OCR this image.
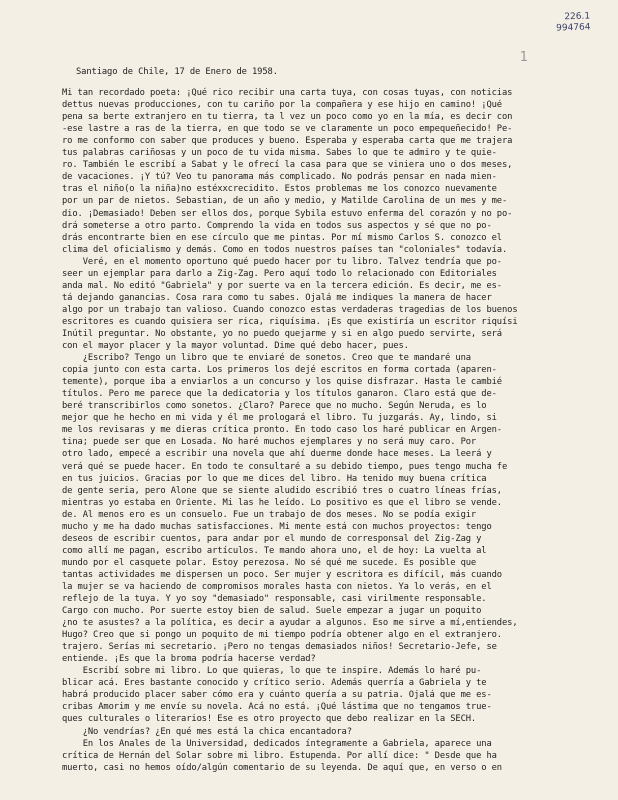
226.1
994764
1
Santiago de Chile, 17 de Enero de 1958.
Mi tan recordado poeta: ¡Qué rico recibir una carta tuya, con cosas tuyas, con noticias
dettus nuevas producciones, con tu cariño por la compañera y ese hijo en camino! ¡Qué
pena sa berte extranjero en tu tierra, ta l vez un poco como yo en la mía, es decir con
-ese lastre a ras de la tierra, en que todo se ve claramente un poco empequeñecido! Pe-
ro me conformo con saber que produces y bueno. Esperaba y esperaba carta que me trajera
tus palabras cariñosas y un poco de tu vida misma. Sabes lo que te admiro y te quie-
ro. También le escribí a Sabat y le ofrecí la casa para que se viniera uno o dos meses,
de vacaciones. ¡Y tú? Veo tu panorama más complicado. No podrás pensar en nada mien-
tras el niño(o la niña)no estéxxcrecidito. Estos problemas me los conozco nuevamente
por un par de nietos. Sebastian, de un año y medio, y Matilde Carolina de un mes y me-
dio. ¡Demasiado! Deben ser ellos dos, porque Sybila estuvo enferma del corazón y no po-
drá someterse a otro parto. Comprendo la vida en todos sus aspectos y sé que no po-
drás encontrarte bien en ese círculo que me pintas. Por mí mismo Carlos S. conozco el
clima del oficialismo y demás. Como en todos nuestros países tan "coloniales" todavía.
Veré, en el momento oportuno qué puedo hacer por tu libro. Talvez tendría que po-
seer un ejemplar para darlo a Zig-Zag. Pero aquí todo lo relacionado con Editoriales
anda mal. No editó "Gabriela" y por suerte va en la tercera edición. Es decir, me es-
tá dejando ganancias. Cosa rara como tu sabes. Ojalá me indiques la manera de hacer
algo por un trabajo tan valioso. Cuando conozco estas verdaderas tragedias de los buenos
escritores es cuando quisiera ser rica, riquísima. ¡Es que existiría un escritor riquísi
Inútil preguntar. No obstante, yo no puedo quejarme y si en algo puedo servirte, será
con el mayor placer y la mayor voluntad. Dime qué debo hacer, pues.
¿Escribo? Tengo un libro que te enviaré de sonetos. Creo que te mandaré una
copia junto con esta carta. Los primeros los dejé escritos en forma cortada (aparen-
temente), porque iba a enviarlos a un concurso y los quise disfrazar. Hasta le cambié
títulos. Pero me parece que la dedicatoria y los títulos ganaron. Claro está que de-
beré transcribirlos como sonetos. ¿Claro? Parece que no mucho. Según Neruda, es lo
mejor que he hecho en mi vida y él me prologará el libro. Tu juzgarás. Ay, lindo, si
me los revisaras y me dieras crítica pronto. En todo caso los haré publicar en Argen-
tina; puede ser que en Losada. No haré muchos ejemplares y no será muy caro. Por
otro lado, empecé a escribir una novela que ahí duerme donde hace meses. La leerá y
verá qué se puede hacer. En todo te consultaré a su debido tiempo, pues tengo mucha fe
en tus juicios. Gracias por lo que me dices del libro. Ha tenido muy buena crítica
de gente seria, pero Alone que se siente aludido escribió tres o cuatro líneas frías,
mientras yo estaba en Oriente. Mi las he leído. Lo positivo es que el libro se vende.
de. Al menos ero es un consuelo. Fue un trabajo de dos meses. No se podía exigir
mucho y me ha dado muchas satisfacciones. Mi mente está con muchos proyectos: tengo
deseos de escribir cuentos, para andar por el mundo de corresponsal del Zig-Zag y
como allí me pagan, escribo artículos. Te mando ahora uno, el de hoy: La vuelta al
mundo por el casquete polar. Estoy perezosa. No sé qué me sucede. Es posible que
tantas actividades me dispersen un poco. Ser mujer y escritora es difícil, más cuando
la mujer se va haciendo de compromisos morales hasta con nietos. Ya lo verás, en el
reflejo de la tuya. Y yo soy "demasiado" responsable, casi virilmente responsable.
Cargo con mucho. Por suerte estoy bien de salud. Suele empezar a jugar un poquito
¿no te asustes? a la política, es decir a ayudar a algunos. Eso me sirve a mí,entiendes,
Hugo? Creo que si pongo un poquito de mi tiempo podría obtener algo en el extranjero.
trajero. Serías mi secretario. ¡Pero no tengas demasiados niños! Secretario-Jefe, se
entiende. ¡Es que la broma podría hacerse verdad?
Escribí sobre mi libro. Lo que quieras, lo que te inspire. Además lo haré pu-
blicar acá. Eres bastante conocido y crítico serio. Además querría a Gabriela y te
habrá producido placer saber cómo era y cuánto quería a su patria. Ojalá que me es-
cribas Amorim y me envíe su novela. Acá no está. ¡Qué lástima que no tengamos true-
ques culturales o literarios! Ese es otro proyecto que debo realizar en la SECH.
¿No vendrías? ¿En qué mes está la chica encantadora?
En los Anales de la Universidad, dedicados íntegramente a Gabriela, aparece una
crítica de Hernán del Solar sobre mi libro. Estupenda. Por allí dice: " Desde que ha
muerto, casi no hemos oído/algún comentario de su leyenda. De aquí que, en verso o en
